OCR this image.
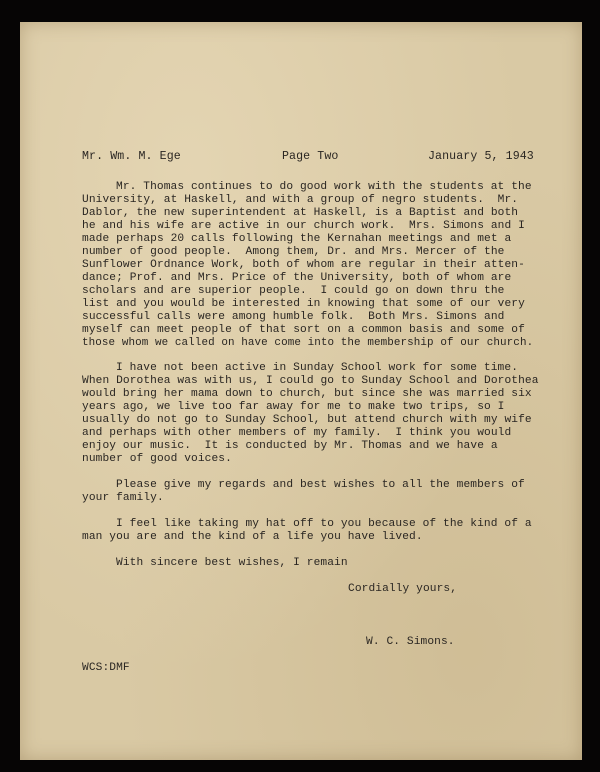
Mr. Wm. M. Ege	Page Two	January 5, 1943
Mr. Thomas continues to do good work with the students at the
University, at Haskell, and with a group of negro students.  Mr.
Dablor, the new superintendent at Haskell, is a Baptist and both
he and his wife are active in our church work.  Mrs. Simons and I
made perhaps 20 calls following the Kernahan meetings and met a
number of good people.  Among them, Dr. and Mrs. Mercer of the
Sunflower Ordnance Work, both of whom are regular in their atten-
dance; Prof. and Mrs. Price of the University, both of whom are
scholars and are superior people.  I could go on down thru the
list and you would be interested in knowing that some of our very
successful calls were among humble folk.  Both Mrs. Simons and
myself can meet people of that sort on a common basis and some of
those whom we called on have come into the membership of our church.
I have not been active in Sunday School work for some time.
When Dorothea was with us, I could go to Sunday School and Dorothea
would bring her mama down to church, but since she was married six
years ago, we live too far away for me to make two trips, so I
usually do not go to Sunday School, but attend church with my wife
and perhaps with other members of my family.  I think you would
enjoy our music.  It is conducted by Mr. Thomas and we have a
number of good voices.
Please give my regards and best wishes to all the members of
your family.
I feel like taking my hat off to you because of the kind of a
man you are and the kind of a life you have lived.
With sincere best wishes, I remain
Cordially yours,
W. C. Simons.
WCS:DMF
